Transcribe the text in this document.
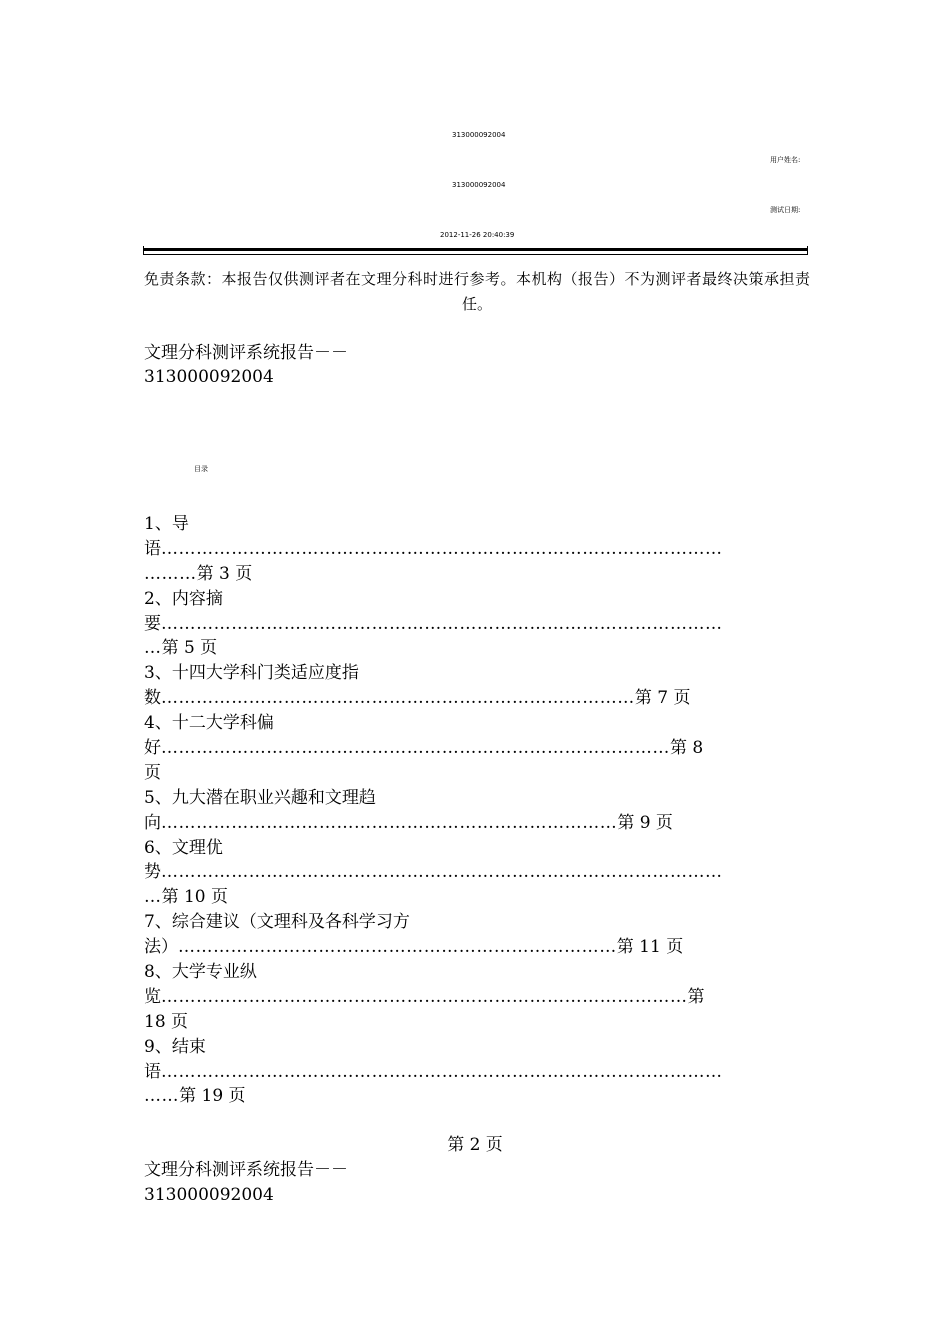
313000092004
用户姓名:
313000092004
测试日期:
2012-11-26 20:40:39
免责条款：本报告仅供测评者在文理分科时进行参考。本机构（报告）不为测评者最终决策承担责任。
文理分科测评系统报告－－
313000092004
目录
1、导
语……………………………………………………………………………………
………第 3 页
2、内容摘
要……………………………………………………………………………………
…第 5 页
3、十四大学科门类适应度指
数………………………………………………………………………第 7 页
4、十二大学科偏
好……………………………………………………………………………第 8
页
5、九大潜在职业兴趣和文理趋
向……………………………………………………………………第 9 页
6、文理优
势……………………………………………………………………………………
…第 10 页
7、综合建议（文理科及各科学习方
法）…………………………………………………………………第 11 页
8、大学专业纵
览………………………………………………………………………………第
18 页
9、结束
语……………………………………………………………………………………
……第 19 页
第 2 页
文理分科测评系统报告－－
313000092004
